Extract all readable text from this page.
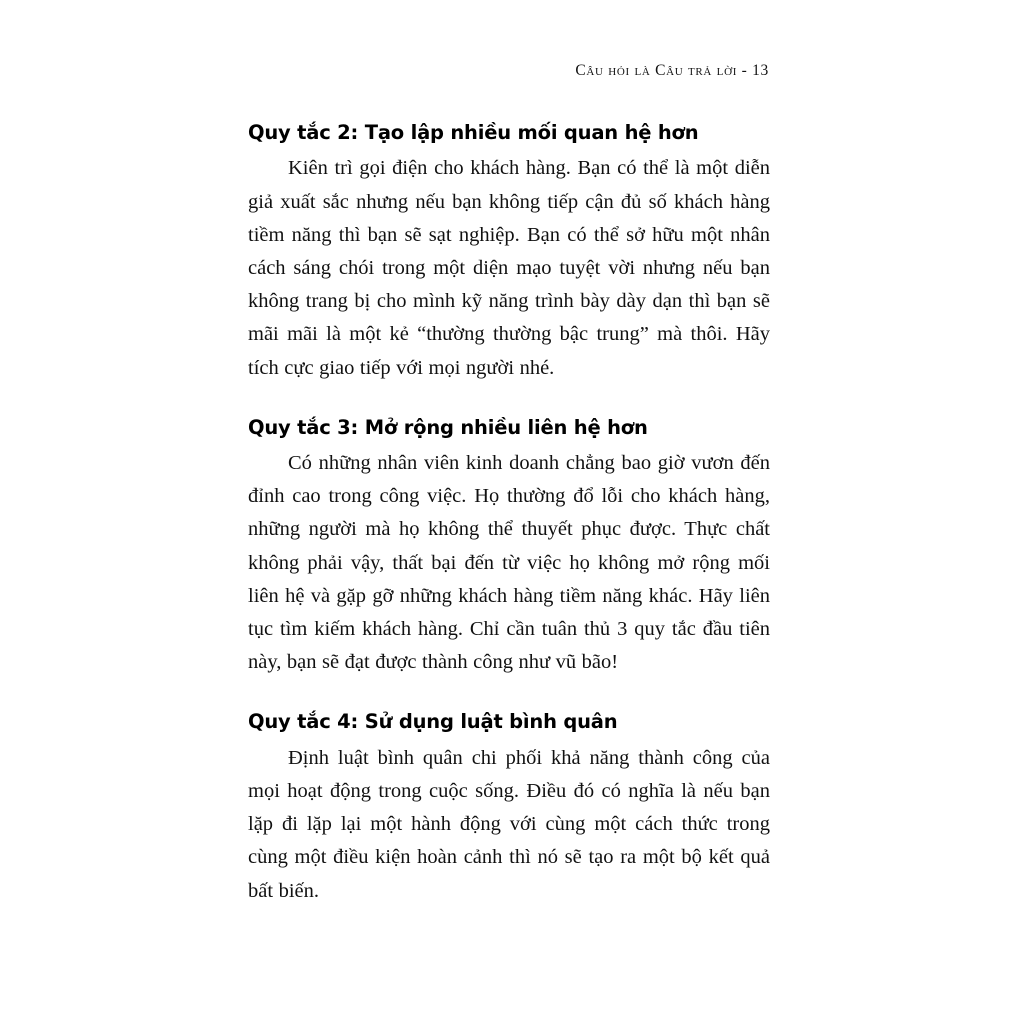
Câu hỏi là Câu trả lời - 13
Quy tắc 2: Tạo lập nhiều mối quan hệ hơn

Kiên trì gọi điện cho khách hàng. Bạn có thể là một diễn giả xuất sắc nhưng nếu bạn không tiếp cận đủ số khách hàng tiềm năng thì bạn sẽ sạt nghiệp. Bạn có thể sở hữu một nhân cách sáng chói trong một diện mạo tuyệt vời nhưng nếu bạn không trang bị cho mình kỹ năng trình bày dày dạn thì bạn sẽ mãi mãi là một kẻ “thường thường bậc trung” mà thôi. Hãy tích cực giao tiếp với mọi người nhé.

Quy tắc 3: Mở rộng nhiều liên hệ hơn

Có những nhân viên kinh doanh chẳng bao giờ vươn đến đỉnh cao trong công việc. Họ thường đổ lỗi cho khách hàng, những người mà họ không thể thuyết phục được. Thực chất không phải vậy, thất bại đến từ việc họ không mở rộng mối liên hệ và gặp gỡ những khách hàng tiềm năng khác. Hãy liên tục tìm kiếm khách hàng. Chỉ cần tuân thủ 3 quy tắc đầu tiên này, bạn sẽ đạt được thành công như vũ bão!

Quy tắc 4: Sử dụng luật bình quân

Định luật bình quân chi phối khả năng thành công của mọi hoạt động trong cuộc sống. Điều đó có nghĩa là nếu bạn lặp đi lặp lại một hành động với cùng một cách thức trong cùng một điều kiện hoàn cảnh thì nó sẽ tạo ra một bộ kết quả bất biến.
